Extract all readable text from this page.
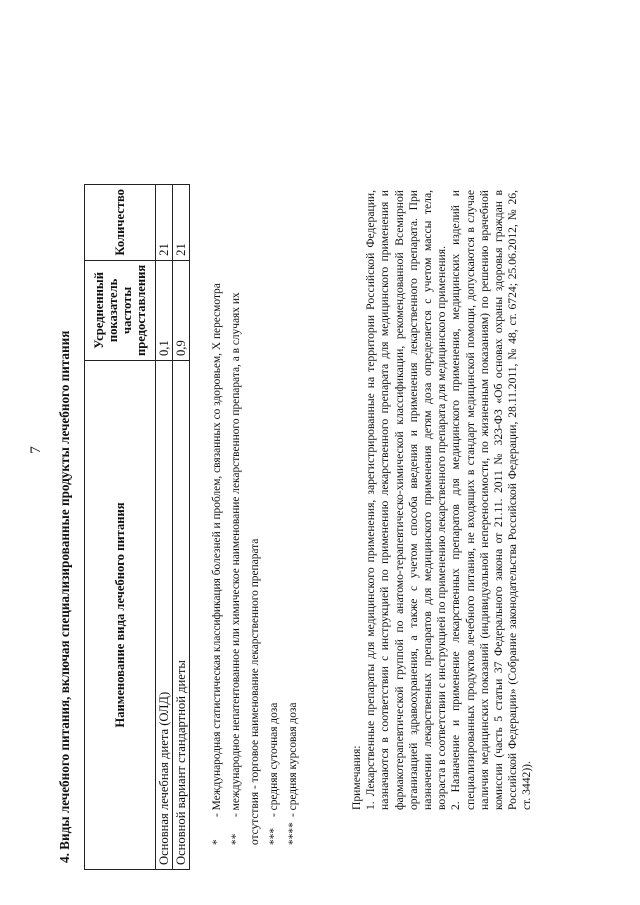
7 4. Виды лечебного питания, включая специализированные продукты лечебного питания	Наименование вида лечебного питания	Усредненный показатель частоты предоставления	Количество
Основная лечебная диета (ОЛД)	0,1	21
Основной вариант стандартной диеты	0,9	21
*- Международная статистическая классификация болезней и проблем, связанных со здоровьем, X пересмотра
**- международное непатентованное или химическое наименование лекарственного препарата, а в случаях их отсутствия - торговое наименование лекарственного препарата ***- средняя суточная доза
****- средняя курсовая доза	Примечания: 1. Лекарственные препараты для медицинского применения, зарегистрированные на территории Российской Федерации, назначаются в соответствии с инструкцией по применению лекарственного препарата для медицинского применения и фармакотерапевтической группой по анатомо-терапевтическо-химической классификации, рекомендованной Всемирной организацией здравоохранения, а также с учетом способа введения и применения лекарственного препарата. При назначении лекарственных препаратов для медицинского применения детям доза определяется с учетом массы тела, возраста в соответствии с инструкцией по применению лекарственного препарата для медицинского применения. 2. Назначение и применение лекарственных препаратов для медицинского применения, медицинских изделий и специализированных продуктов лечебного питания, не входящих в стандарт медицинской помощи, допускаются в случае наличия медицинских показаний (индивидуальной непереносимости, по жизненным показаниям) по решению врачебной комиссии (часть 5 статьи 37 Федерального закона от 21.11. 2011 № 323-ФЗ «Об основах охраны здоровья граждан в Российской Федерации» (Собрание законодательства Российской Федерации, 28.11.2011, № 48, ст. 6724; 25.06.2012, № 26, ст. 3442)).
